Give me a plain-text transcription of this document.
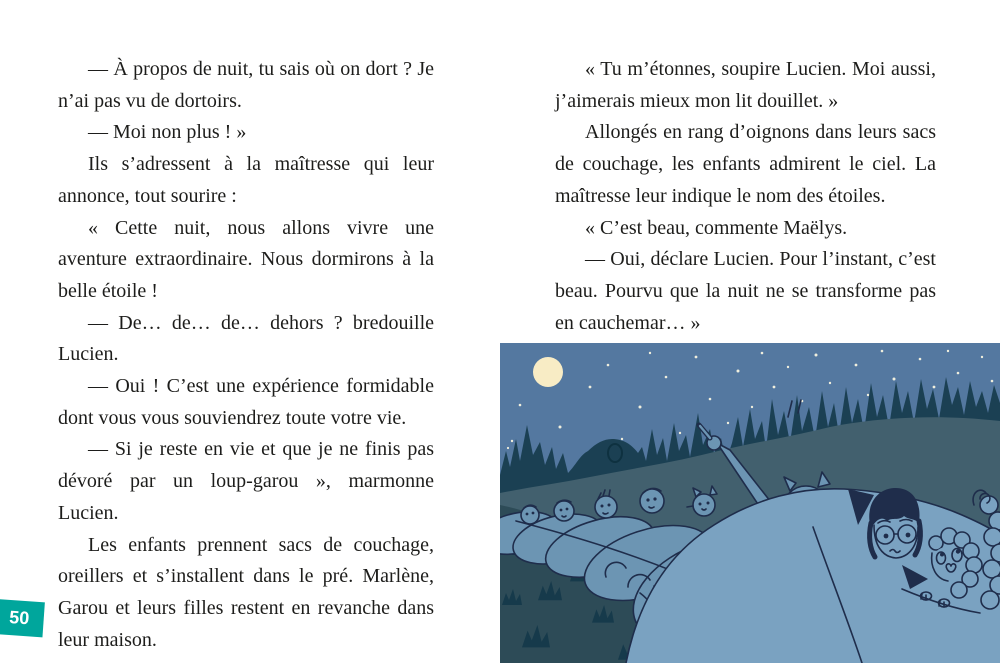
— À propos de nuit, tu sais où on dort ? Je n’ai pas vu de dortoirs.

— Moi non plus ! »

Ils s’adressent à la maîtresse qui leur annonce, tout sourire :

« Cette nuit, nous allons vivre une aventure extraordinaire. Nous dormirons à la belle étoile !

— De… de… de… dehors ? bredouille Lucien.

— Oui ! C’est une expérience formidable dont vous vous souviendrez toute votre vie.

— Si je reste en vie et que je ne finis pas dévoré par un loup-garou », marmonne Lucien.

Les enfants prennent sacs de couchage, oreillers et s’installent dans le pré. Marlène, Garou et leurs filles restent en revanche dans leur maison.

« Tu m’étonnes, soupire Lucien. Moi aussi, j’aimerais mieux mon lit douillet. »

Allongés en rang d’oignons dans leurs sacs de couchage, les enfants admirent le ciel. La maîtresse leur indique le nom des étoiles.

« C’est beau, commente Maëlys.

— Oui, déclare Lucien. Pour l’instant, c’est beau. Pourvu que la nuit ne se transforme pas en cauchemar… »

50
